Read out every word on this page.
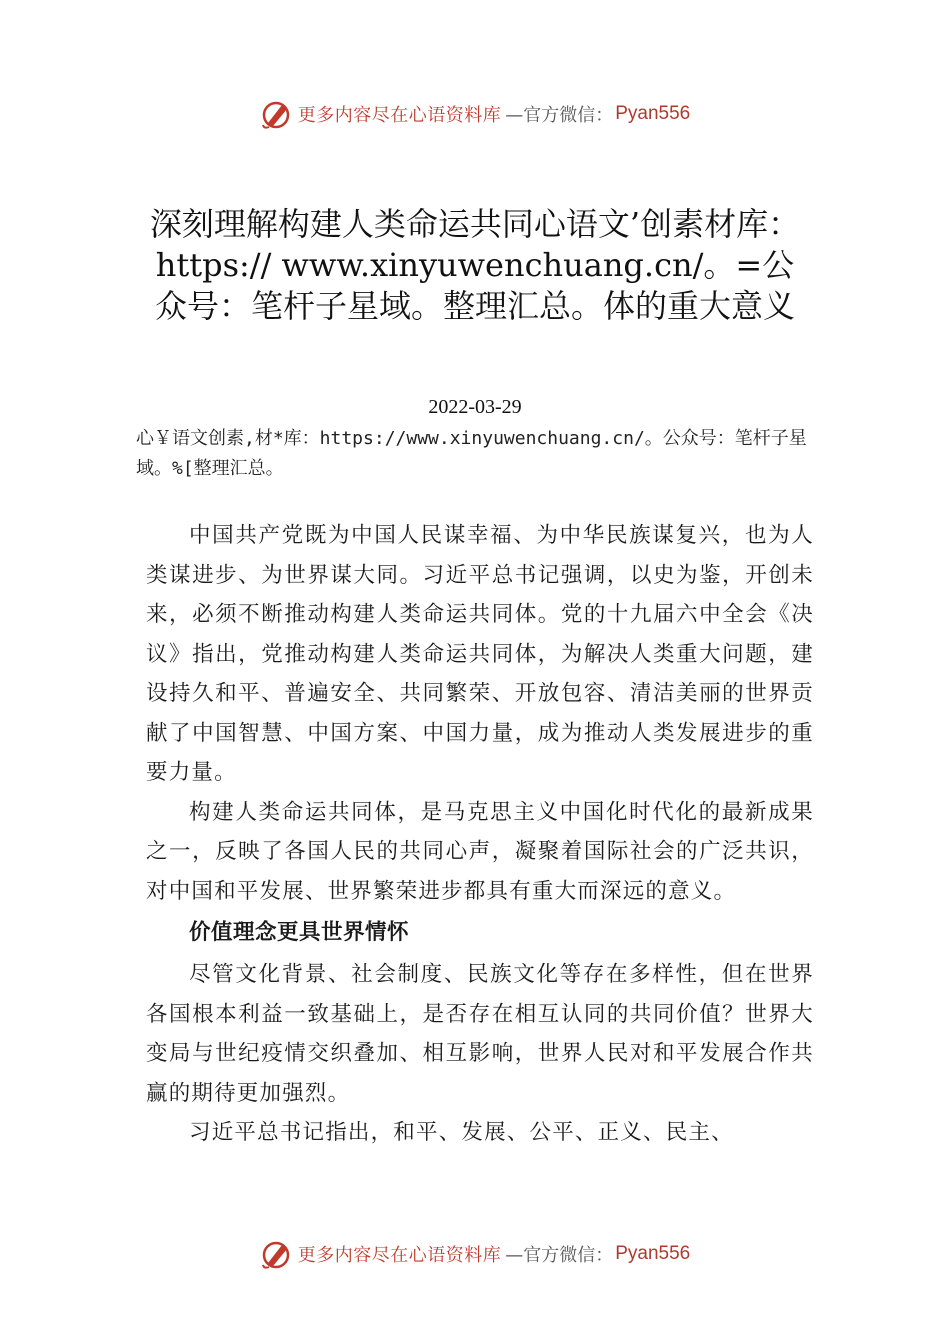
更多内容尽在心语资料库 —官方微信： Pyan556
深刻理解构建人类命运共同心语文’创素材库：https:// www.xinyuwenchuang.cn/。=公众号：笔杆子星域。整理汇总。体的重大意义
2022-03-29
心￥语文创素,材*库：https://www.xinyuwenchuang.cn/。公众号：笔杆子星域。%[整理汇总。

中国共产党既为中国人民谋幸福、为中华民族谋复兴，也为人类谋进步、为世界谋大同。习近平总书记强调，以史为鉴，开创未来，必须不断推动构建人类命运共同体。党的十九届六中全会《决议》指出，党推动构建人类命运共同体，为解决人类重大问题，建设持久和平、普遍安全、共同繁荣、开放包容、清洁美丽的世界贡献了中国智慧、中国方案、中国力量，成为推动人类发展进步的重要力量。

构建人类命运共同体，是马克思主义中国化时代化的最新成果之一，反映了各国人民的共同心声，凝聚着国际社会的广泛共识，对中国和平发展、世界繁荣进步都具有重大而深远的意义。

价值理念更具世界情怀

尽管文化背景、社会制度、民族文化等存在多样性，但在世界各国根本利益一致基础上，是否存在相互认同的共同价值？世界大变局与世纪疫情交织叠加、相互影响，世界人民对和平发展合作共赢的期待更加强烈。

习近平总书记指出，和平、发展、公平、正义、民主、

更多内容尽在心语资料库 —官方微信： Pyan556
